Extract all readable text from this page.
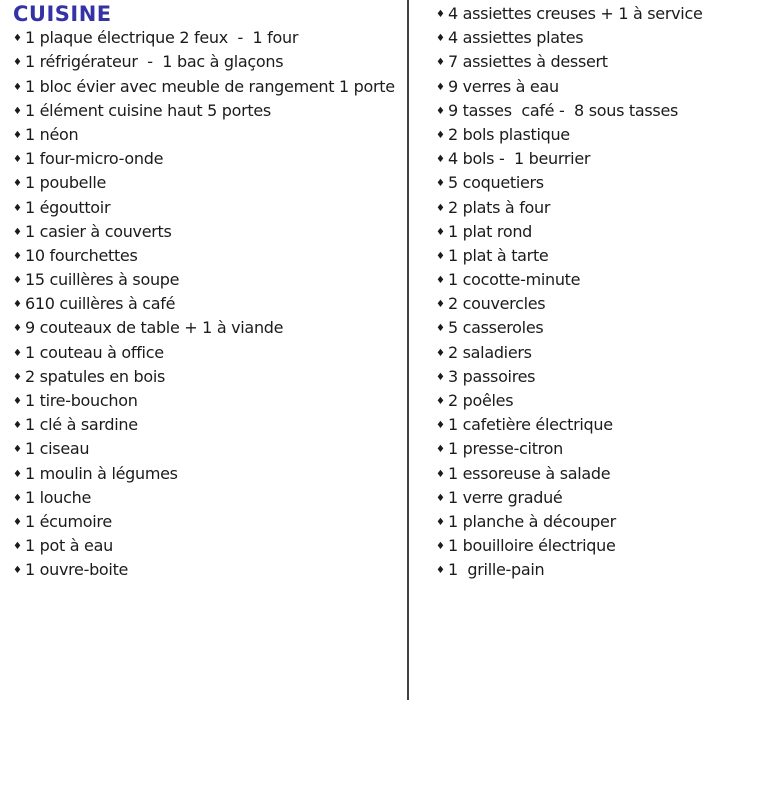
CUISINE
♦ 1 plaque électrique 2 feux  -  1 four
♦ 1 réfrigérateur  -  1 bac à glaçons
♦ 1 bloc évier avec meuble de rangement 1 porte
♦ 1 élément cuisine haut 5 portes
♦ 1 néon
♦ 1 four-micro-onde
♦ 1 poubelle
♦ 1 égouttoir
♦ 1 casier à couverts
♦ 10 fourchettes
♦ 15 cuillères à soupe
♦ 610 cuillères à café
♦ 9 couteaux de table + 1 à viande
♦ 1 couteau à office
♦ 2 spatules en bois
♦ 1 tire-bouchon
♦ 1 clé à sardine
♦ 1 ciseau
♦ 1 moulin à légumes
♦ 1 louche
♦ 1 écumoire
♦ 1 pot à eau
♦ 1 ouvre-boite
♦ 4 assiettes creuses + 1 à service
♦ 4 assiettes plates
♦ 7 assiettes à dessert
♦ 9 verres à eau
♦ 9 tasses  café -  8 sous tasses
♦ 2 bols plastique
♦ 4 bols -  1 beurrier
♦ 5 coquetiers
♦ 2 plats à four
♦ 1 plat rond
♦ 1 plat à tarte
♦ 1 cocotte-minute
♦ 2 couvercles
♦ 5 casseroles
♦ 2 saladiers
♦ 3 passoires
♦ 2 poêles
♦ 1 cafetière électrique
♦ 1 presse-citron
♦ 1 essoreuse à salade
♦ 1 verre gradué
♦ 1 planche à découper
♦ 1 bouilloire électrique
♦ 1  grille-pain
